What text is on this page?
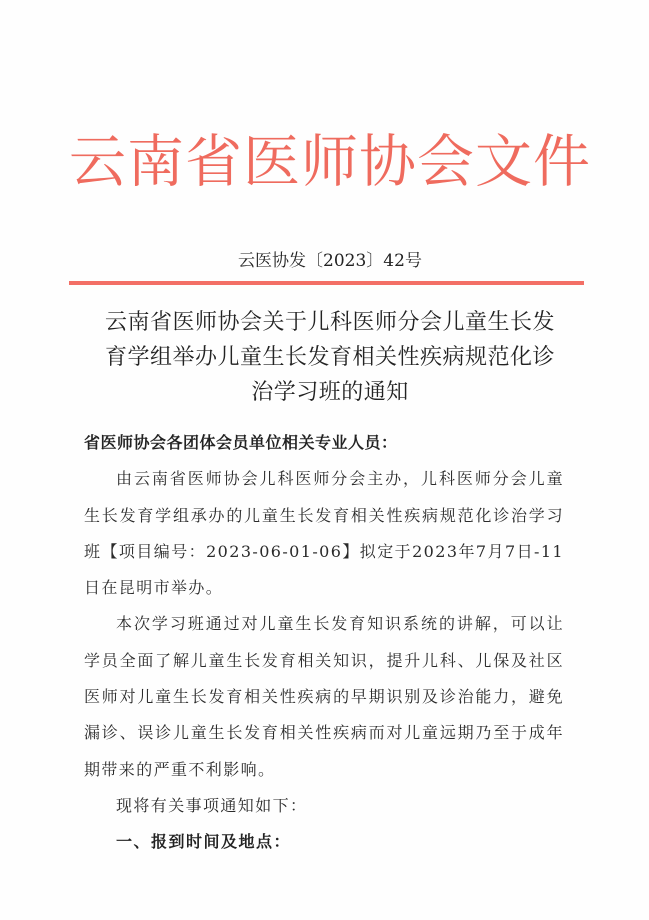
云南省医师协会文件
云医协发〔2023〕42号
云南省医师协会关于儿科医师分会儿童生长发
育学组举办儿童生长发育相关性疾病规范化诊
治学习班的通知

省医师协会各团体会员单位相关专业人员：

由云南省医师协会儿科医师分会主办，儿科医师分会儿童生长发育学组承办的儿童生长发育相关性疾病规范化诊治学习班【项目编号：2023-06-01-06】拟定于2023年7月7日-11日在昆明市举办。

本次学习班通过对儿童生长发育知识系统的讲解，可以让学员全面了解儿童生长发育相关知识，提升儿科、儿保及社区医师对儿童生长发育相关性疾病的早期识别及诊治能力，避免漏诊、误诊儿童生长发育相关性疾病而对儿童远期乃至于成年期带来的严重不利影响。

现将有关事项通知如下：

一、报到时间及地点：
